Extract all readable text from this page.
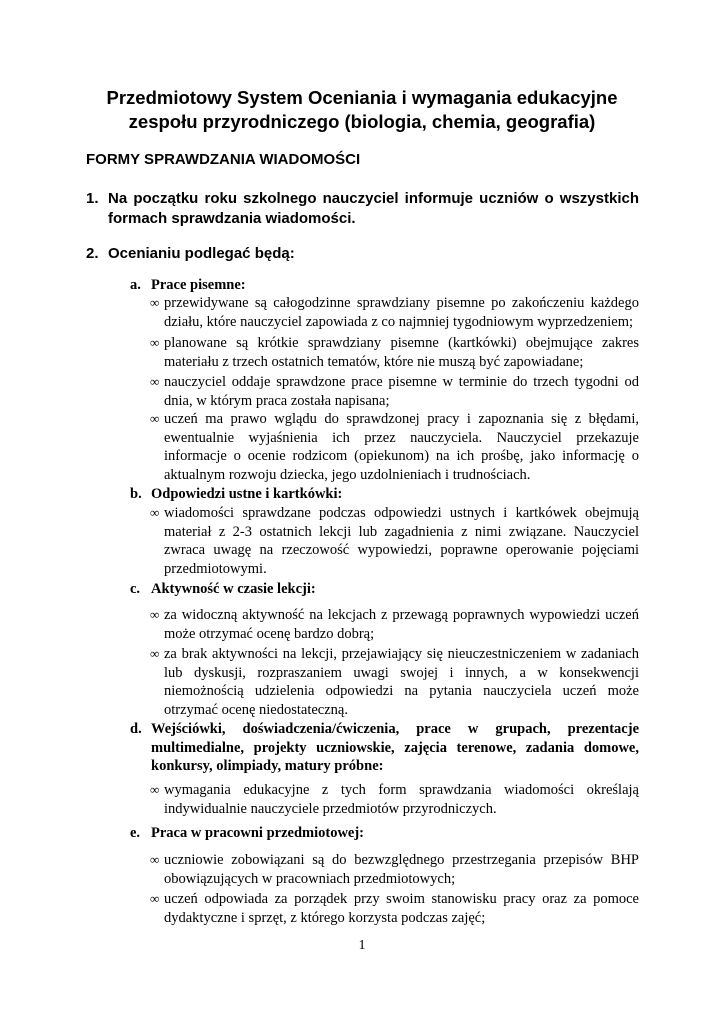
Przedmiotowy System Oceniania i wymagania edukacyjne
zespołu przyrodniczego (biologia, chemia, geografia)
FORMY SPRAWDZANIA WIADOMOŚCI
1. Na początku roku szkolnego nauczyciel informuje uczniów o wszystkich formach sprawdzania wiadomości.
2. Ocenianiu podlegać będą:
a. Prace pisemne:
∞ przewidywane są całogodzinne sprawdziany pisemne po zakończeniu każdego działu, które nauczyciel zapowiada z co najmniej tygodniowym wyprzedzeniem;
∞ planowane są krótkie sprawdziany pisemne (kartkówki) obejmujące zakres materiału z trzech ostatnich tematów, które nie muszą być zapowiadane;
∞ nauczyciel oddaje sprawdzone prace pisemne w terminie do trzech tygodni od dnia, w którym praca została napisana;
∞ uczeń ma prawo wglądu do sprawdzonej pracy i zapoznania się z błędami, ewentualnie wyjaśnienia ich przez nauczyciela. Nauczyciel przekazuje informacje o ocenie rodzicom (opiekunom) na ich prośbę, jako informację o aktualnym rozwoju dziecka, jego uzdolnieniach i trudnościach.
b. Odpowiedzi ustne i kartkówki:
∞ wiadomości sprawdzane podczas odpowiedzi ustnych i kartkówek obejmują materiał z 2-3 ostatnich lekcji lub zagadnienia z nimi związane. Nauczyciel zwraca uwagę na rzeczowość wypowiedzi, poprawne operowanie pojęciami przedmiotowymi.
c. Aktywność w czasie lekcji:
∞ za widoczną aktywność na lekcjach z przewagą poprawnych wypowiedzi uczeń może otrzymać ocenę bardzo dobrą;
∞ za brak aktywności na lekcji, przejawiający się nieuczestniczeniem w zadaniach lub dyskusji, rozpraszaniem uwagi swojej i innych, a w konsekwencji niemożnością udzielenia odpowiedzi na pytania nauczyciela uczeń może otrzymać ocenę niedostateczną.
d. Wejściówki, doświadczenia/ćwiczenia, prace w grupach, prezentacje multimedialne, projekty uczniowskie, zajęcia terenowe, zadania domowe, konkursy, olimpiady, matury próbne:
∞ wymagania edukacyjne z tych form sprawdzania wiadomości określają indywidualnie nauczyciele przedmiotów przyrodniczych.
e. Praca w pracowni przedmiotowej:
∞ uczniowie zobowiązani są do bezwzględnego przestrzegania przepisów BHP obowiązujących w pracowniach przedmiotowych;
∞ uczeń odpowiada za porządek przy swoim stanowisku pracy oraz za pomoce dydaktyczne i sprzęt, z którego korzysta podczas zajęć;
1
